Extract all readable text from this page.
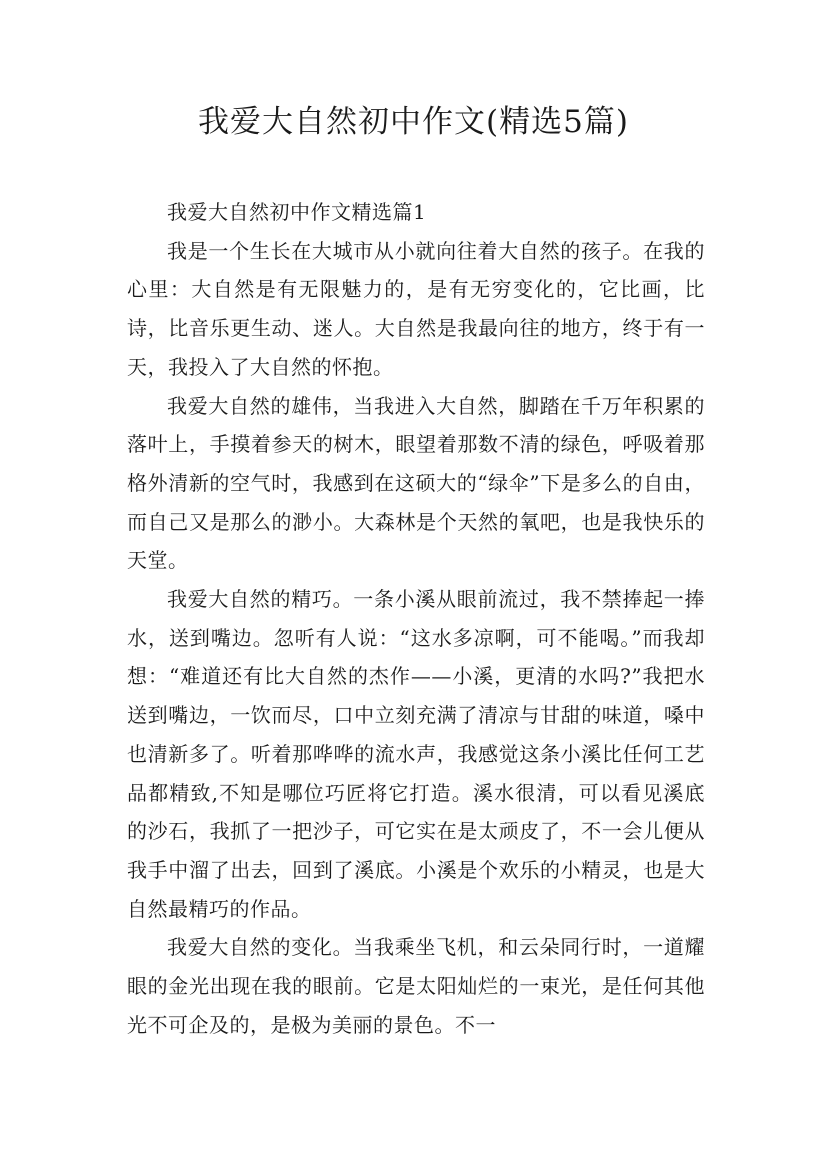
我爱大自然初中作文(精选5篇)

我爱大自然初中作文精选篇1

我是一个生长在大城市从小就向往着大自然的孩子。在我的心里：大自然是有无限魅力的，是有无穷变化的，它比画，比诗，比音乐更生动、迷人。大自然是我最向往的地方，终于有一天，我投入了大自然的怀抱。

我爱大自然的雄伟，当我进入大自然，脚踏在千万年积累的落叶上，手摸着参天的树木，眼望着那数不清的绿色，呼吸着那格外清新的空气时，我感到在这硕大的“绿伞”下是多么的自由，而自己又是那么的渺小。大森林是个天然的氧吧，也是我快乐的天堂。

我爱大自然的精巧。一条小溪从眼前流过，我不禁捧起一捧水，送到嘴边。忽听有人说：“这水多凉啊，可不能喝。”而我却想：“难道还有比大自然的杰作——小溪，更清的水吗?”我把水送到嘴边，一饮而尽，口中立刻充满了清凉与甘甜的味道，嗓中也清新多了。听着那哗哗的流水声，我感觉这条小溪比任何工艺品都精致,不知是哪位巧匠将它打造。溪水很清，可以看见溪底的沙石，我抓了一把沙子，可它实在是太顽皮了，不一会儿便从我手中溜了出去，回到了溪底。小溪是个欢乐的小精灵，也是大自然最精巧的作品。

我爱大自然的变化。当我乘坐飞机，和云朵同行时，一道耀眼的金光出现在我的眼前。它是太阳灿烂的一束光，是任何其他光不可企及的，是极为美丽的景色。不一
